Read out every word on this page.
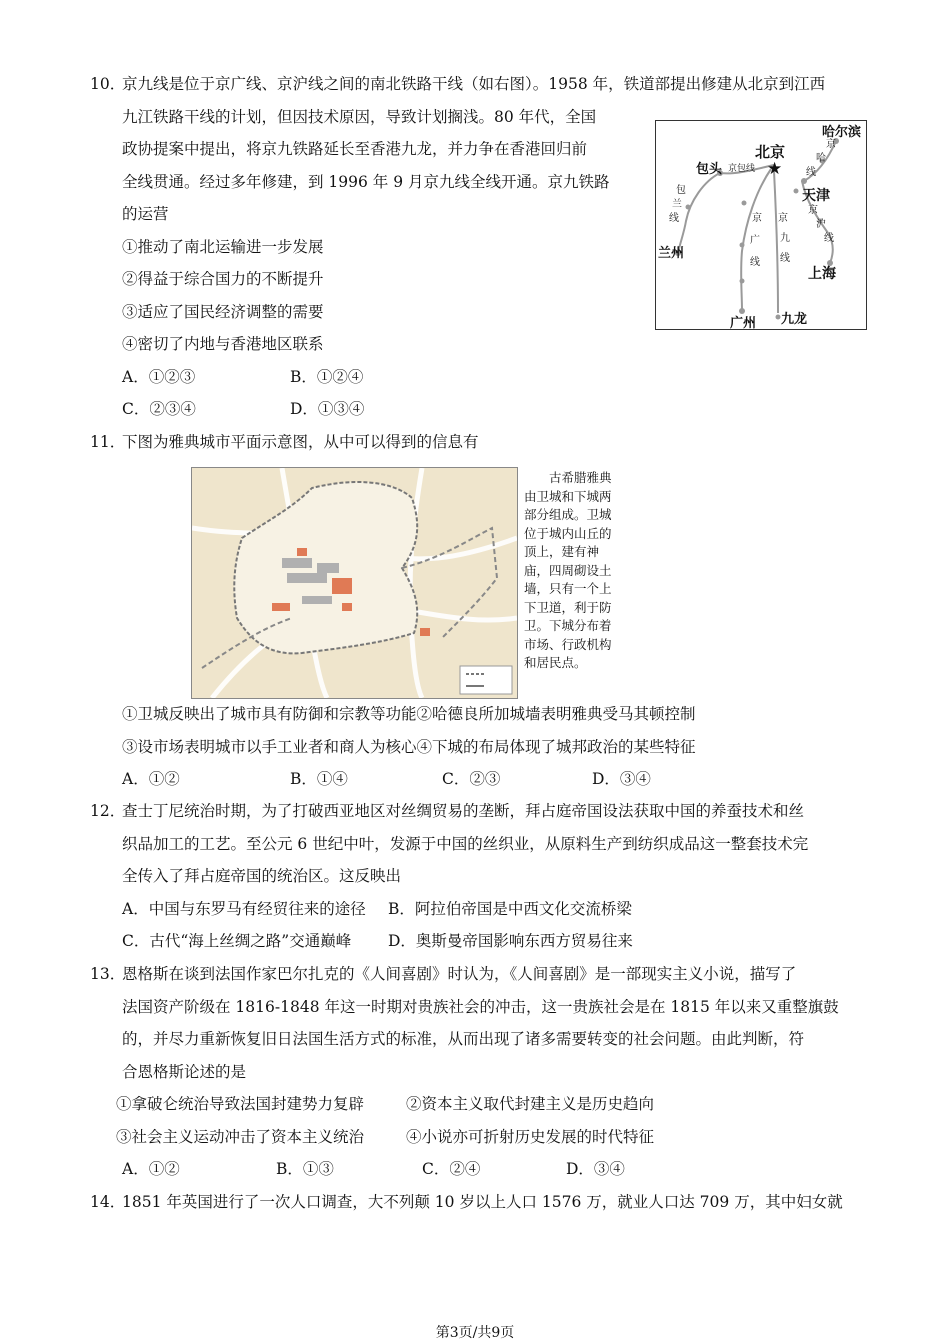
10．
京九线是位于京广线、京沪线之间的南北铁路干线（如右图）。1958 年，铁道部提出修建从北京到江西
九江铁路干线的计划，但因技术原因，导致计划搁浅。80 年代，全国
政协提案中提出，将京九铁路延长至香港九龙，并力争在香港回归前
全线贯通。经过多年修建，到 1996 年 9 月京九线全线开通。京九铁路
的运营
①推动了南北运输进一步发展
②得益于综合国力的不断提升
③适应了国民经济调整的需要
④密切了内地与香港地区联系
A．①②③	B．①②④
C．②③④	D．①③④
哈尔滨
北京
包头
天津
兰州
上海
广州 九龙
★
京包线
包
兰
线
京
哈
线
京
沪
线
京
广
线
京
九
线
11．
下图为雅典城市平面示意图，从中可以得到的信息有
古希腊雅典
由卫城和下城两
部分组成。卫城
位于城内山丘的
顶上，建有神
庙，四周砌设土
墙，只有一个上
下卫道，利于防
卫。下城分布着
市场、行政机构
和居民点。
①卫城反映出了城市具有防御和宗教等功能 ②哈德良所加城墙表明雅典受马其顿控制
③设市场表明城市以手工业者和商人为核心 ④下城的布局体现了城邦政治的某些特征
A．①②	B．①④	C．②③	D．③④
12．
查士丁尼统治时期，为了打破西亚地区对丝绸贸易的垄断，拜占庭帝国设法获取中国的养蚕技术和丝
织品加工的工艺。至公元 6 世纪中叶，发源于中国的丝织业，从原料生产到纺织成品这一整套技术完
全传入了拜占庭帝国的统治区。这反映出
A．中国与东罗马有经贸往来的途径	B．阿拉伯帝国是中西文化交流桥梁
C．古代“海上丝绸之路”交通巅峰	D．奥斯曼帝国影响东西方贸易往来
13．
恩格斯在谈到法国作家巴尔扎克的《人间喜剧》时认为，《人间喜剧》是一部现实主义小说，描写了
法国资产阶级在 1816-1848 年这一时期对贵族社会的冲击，这一贵族社会是在 1815 年以来又重整旗鼓
的，并尽力重新恢复旧日法国生活方式的标准，从而出现了诸多需要转变的社会问题。由此判断，符
合恩格斯论述的是
①拿破仑统治导致法国封建势力复辟	②资本主义取代封建主义是历史趋向
③社会主义运动冲击了资本主义统治	④小说亦可折射历史发展的时代特征
A．①②	B．①③	C．②④	D．③④
14．
1851 年英国进行了一次人口调查，大不列颠 10 岁以上人口 1576 万，就业人口达 709 万，其中妇女就
第3页/共9页
